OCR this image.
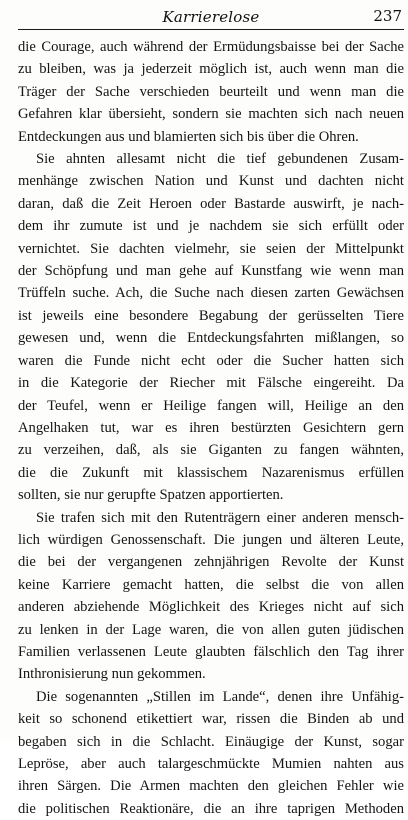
Karrierelose	237
die Courage, auch während der Ermüdungsbaisse bei der Sache
zu bleiben, was ja jederzeit möglich ist, auch wenn man die
Träger der Sache verschieden beurteilt und wenn man die
Gefahren klar übersieht, sondern sie machten sich nach neuen
Entdeckungen aus und blamierten sich bis über die Ohren.
Sie ahnten allesamt nicht die tief gebundenen Zusam-
menhänge zwischen Nation und Kunst und dachten nicht
daran, daß die Zeit Heroen oder Bastarde auswirft, je nach-
dem ihr zumute ist und je nachdem sie sich erfüllt oder
vernichtet. Sie dachten vielmehr, sie seien der Mittelpunkt
der Schöpfung und man gehe auf Kunstfang wie wenn man
Trüffeln suche. Ach, die Suche nach diesen zarten Gewächsen
ist jeweils eine besondere Begabung der gerüsselten Tiere
gewesen und, wenn die Entdeckungsfahrten mißlangen, so
waren die Funde nicht echt oder die Sucher hatten sich
in die Kategorie der Riecher mit Fälsche eingereiht. Da
der Teufel, wenn er Heilige fangen will, Heilige an den
Angelhaken tut, war es ihren bestürzten Gesichtern gern
zu verzeihen, daß, als sie Giganten zu fangen wähnten,
die die Zukunft mit klassischem Nazarenismus erfüllen
sollten, sie nur gerupfte Spatzen apportierten.
Sie trafen sich mit den Rutenträgern einer anderen mensch-
lich würdigen Genossenschaft. Die jungen und älteren Leute,
die bei der vergangenen zehnjährigen Revolte der Kunst
keine Karriere gemacht hatten, die selbst die von allen
anderen abziehende Möglichkeit des Krieges nicht auf sich
zu lenken in der Lage waren, die von allen guten jüdischen
Familien verlassenen Leute glaubten fälschlich den Tag ihrer
Inthronisierung nun gekommen.
Die sogenannten „Stillen im Lande“, denen ihre Unfähig-
keit so schonend etikettiert war, rissen die Binden ab und
begaben sich in die Schlacht. Einäugige der Kunst, sogar
Lepröse, aber auch talargeschmückte Mumien nahten aus
ihren Särgen. Die Armen machten den gleichen Fehler wie
die politischen Reaktionäre, die an ihre taprigen Methoden
